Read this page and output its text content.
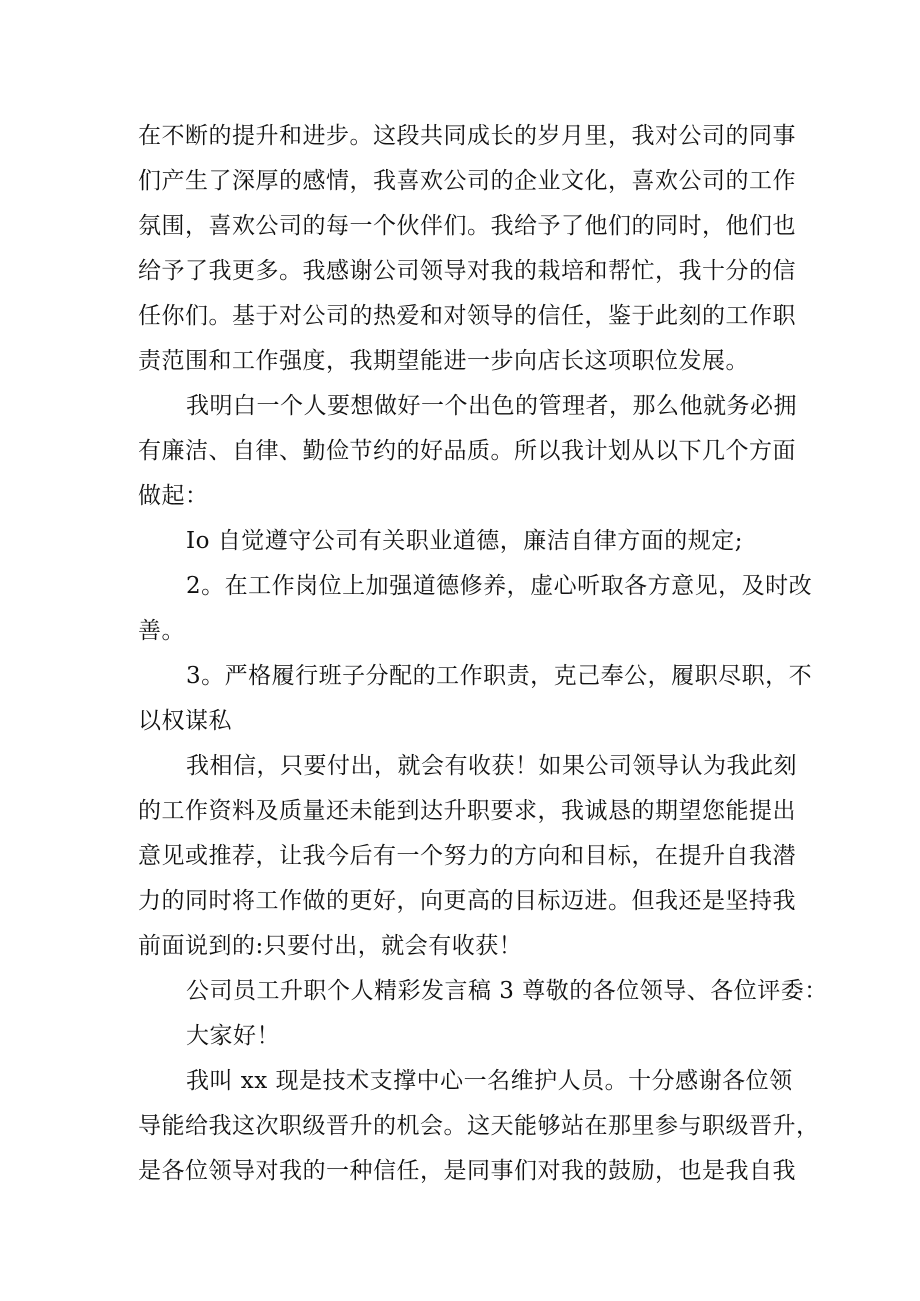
在不断的提升和进步。这段共同成长的岁月里，我对公司的同事
们产生了深厚的感情，我喜欢公司的企业文化，喜欢公司的工作
氛围，喜欢公司的每一个伙伴们。我给予了他们的同时，他们也
给予了我更多。我感谢公司领导对我的栽培和帮忙，我十分的信
任你们。基于对公司的热爱和对领导的信任，鉴于此刻的工作职
责范围和工作强度，我期望能进一步向店长这项职位发展。
我明白一个人要想做好一个出色的管理者，那么他就务必拥
有廉洁、自律、勤俭节约的好品质。所以我计划从以下几个方面
做起：
Io 自觉遵守公司有关职业道德，廉洁自律方面的规定;
2。在工作岗位上加强道德修养，虚心听取各方意见，及时改
善。
3。严格履行班子分配的工作职责，克己奉公，履职尽职，不
以权谋私
我相信，只要付出，就会有收获！如果公司领导认为我此刻
的工作资料及质量还未能到达升职要求，我诚恳的期望您能提出
意见或推荐，让我今后有一个努力的方向和目标，在提升自我潜
力的同时将工作做的更好，向更高的目标迈进。但我还是坚持我
前面说到的:只要付出，就会有收获！
公司员工升职个人精彩发言稿 3 尊敬的各位领导、各位评委：
大家好！
我叫 xx 现是技术支撑中心一名维护人员。十分感谢各位领
导能给我这次职级晋升的机会。这天能够站在那里参与职级晋升，
是各位领导对我的一种信任，是同事们对我的鼓励，也是我自我
